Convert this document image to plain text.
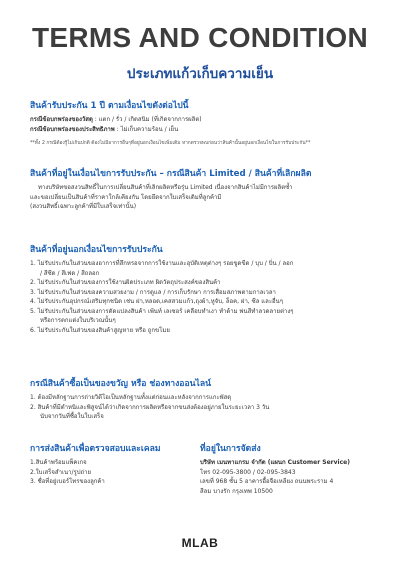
TERMS AND CONDITION
ประเภทแก้วเก็บความเย็น
สินค้ารับประกัน 1 ปี ตามเงื่อนไขดังต่อไปนี้
กรณีข้อบกพร่องของวัสดุ : แตก / รั่ว / เกิดสนิม (ที่เกิดจากการผลิต)
กรณีข้อบกพร่องของประสิทธิภาพ : ไม่เก็บความร้อน / เย็น
**ทั้ง 2 กรณีต้องรู้ไม่เกินปกติ ต้องไม่มีอาการอื่นๆที่อยู่นอกเงื่อนไขเพิ่มเติม หากตรวจพบก่อนว่าสินค้านั้นอยู่นอกเงื่อนไขในการรับประกัน**
สินค้าที่อยู่ในเงื่อนไขการรับประกัน – กรณีสินค้า Limited / สินค้าที่เลิกผลิต
ทางบริษัทขอสงวนสิทธิ์ในการเปลี่ยนสินค้าที่เลิกผลิตหรือรุ่น Limited เนื่องจากสินค้าไม่มีการผลิตซ้ำ
และขอเปลี่ยนเป็นสินค้าที่ราคาใกล้เคียงกัน โดยยึดจากใบเสร็จเดิมที่ลูกค้ามี
(สงวนสิทธิ์เฉพาะลูกค้าที่มีใบเสร็จเท่านั้น)
สินค้าที่อยู่นอกเงื่อนไขการรับประกัน
1. ไม่รับประกันในส่วนของอาการที่สึกหรอจากการใช้งานและอุบัติเหตุต่างๆ รอยขูดขีด / บุบ / บิ่น / ลอก
/ สีซีด / สีเฟด / สีถลอก
2. ไม่รับประกันในส่วนของการใช้งานผิดประเภท ผิดวัตถุประสงค์ของสินค้า
3. ไม่รับประกันในส่วนของความสวยงาม / การดูแล / การเก็บรักษา การเสื่อมสภาพตามกาลเวลา
4. ไม่รับประกันอุปกรณ์เสริมทุกชนิด เช่น ฝา,หลอด,เคสสวมแก้ว,ถุงผ้า,หูจับ, ล็อค, ฝา, ซีล และอื่นๆ
5. ไม่รับประกันในส่วนของการดัดแปลงสินค้า เพ้นท์ เลเซอร์ เคลือบทำเงา ทำด้าม พ่นสีทำลวดลายต่างๆ
หรือการตกแต่งในบริเวณนั้นๆ
6. ไม่รับประกันในส่วนของสินค้าสูญหาย หรือ ถูกขโมย
กรณีสินค้าซื้อเป็นของขวัญ หรือ ช่องทางออนไลน์
1. ต้องมีหลักฐานการถ่ายวิดีโอเป็นหลักฐานทั้งแต่ก่อนและหลังจากการแกะพัสดุ
2. สินค้าที่มีตำหนิและพิสูจน์ได้ว่าเกิดจากการผลิตหรือจากขนส่งต้องอยู่ภายในระยะเวลา 3 วัน
นับจากวันที่ซื้อในใบเสร็จ
การส่งสินค้าเพื่อตรวจสอบและเคลม
1.สินค้าพร้อมแพ็คเกจ
2.ใบเสร็จสำเนา/รูปถ่าย
3. ชื่อที่อยู่เบอร์โทรของลูกค้า
ที่อยู่ในการจัดส่ง
บริษัท เมนทาแกรม จำกัด (แผนก Customer Service)
โทร 02-095-3800 / 02-095-3843
เลขที่ 968 ชั้น 5 อาคารอื้อจือเหลียง ถนนพระราม 4
สีลม บางรัก กรุงเทพ 10500
MLAB
